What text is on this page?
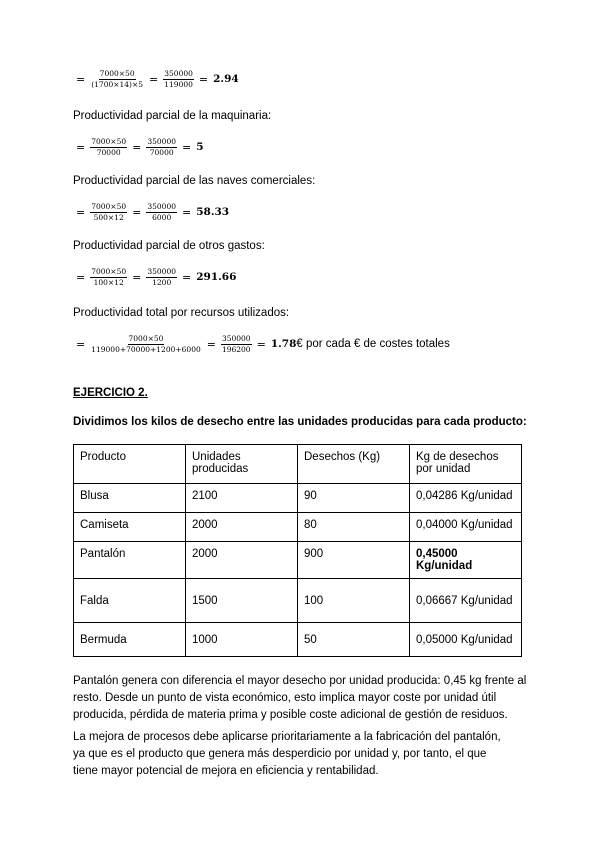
= $\frac{7000\times 50}{(1700\times 14)\times 5} = \frac{350000}{119000} = 2.94$
Productividad parcial de la maquinaria:
= $\frac{7000\times 50}{70000} = \frac{350000}{70000} = 5$
Productividad parcial de las naves comerciales:
= $\frac{7000\times 50}{500\times 12} = \frac{350000}{6000} = 58.33$
Productividad parcial de otros gastos:
= $\frac{7000\times 50}{100\times 12} = \frac{350000}{1200} = 291.66$
Productividad total por recursos utilizados:
= $\frac{7000\times 50}{119000+70000+1200+6000} = \frac{350000}{196200} = 1.78$ € por cada € de costes totales
EJERCICIO 2.
Dividimos los kilos de desecho entre las unidades producidas para cada producto:
Producto	Unidades producidas	Desechos (Kg)	Kg de desechos por unidad
Blusa	2100	90	0,04286 Kg/unidad
Camiseta	2000	80	0,04000 Kg/unidad
Pantalón	2000	900	0,45000 Kg/unidad
Falda	1500	100	0,06667 Kg/unidad
Bermuda	1000	50	0,05000 Kg/unidad
Pantalón genera con diferencia el mayor desecho por unidad producida: 0,45 kg frente al
resto. Desde un punto de vista económico, esto implica mayor coste por unidad útil
producida, pérdida de materia prima y posible coste adicional de gestión de residuos.
La mejora de procesos debe aplicarse prioritariamente a la fabricación del pantalón,
ya que es el producto que genera más desperdicio por unidad y, por tanto, el que
tiene mayor potencial de mejora en eficiencia y rentabilidad.
